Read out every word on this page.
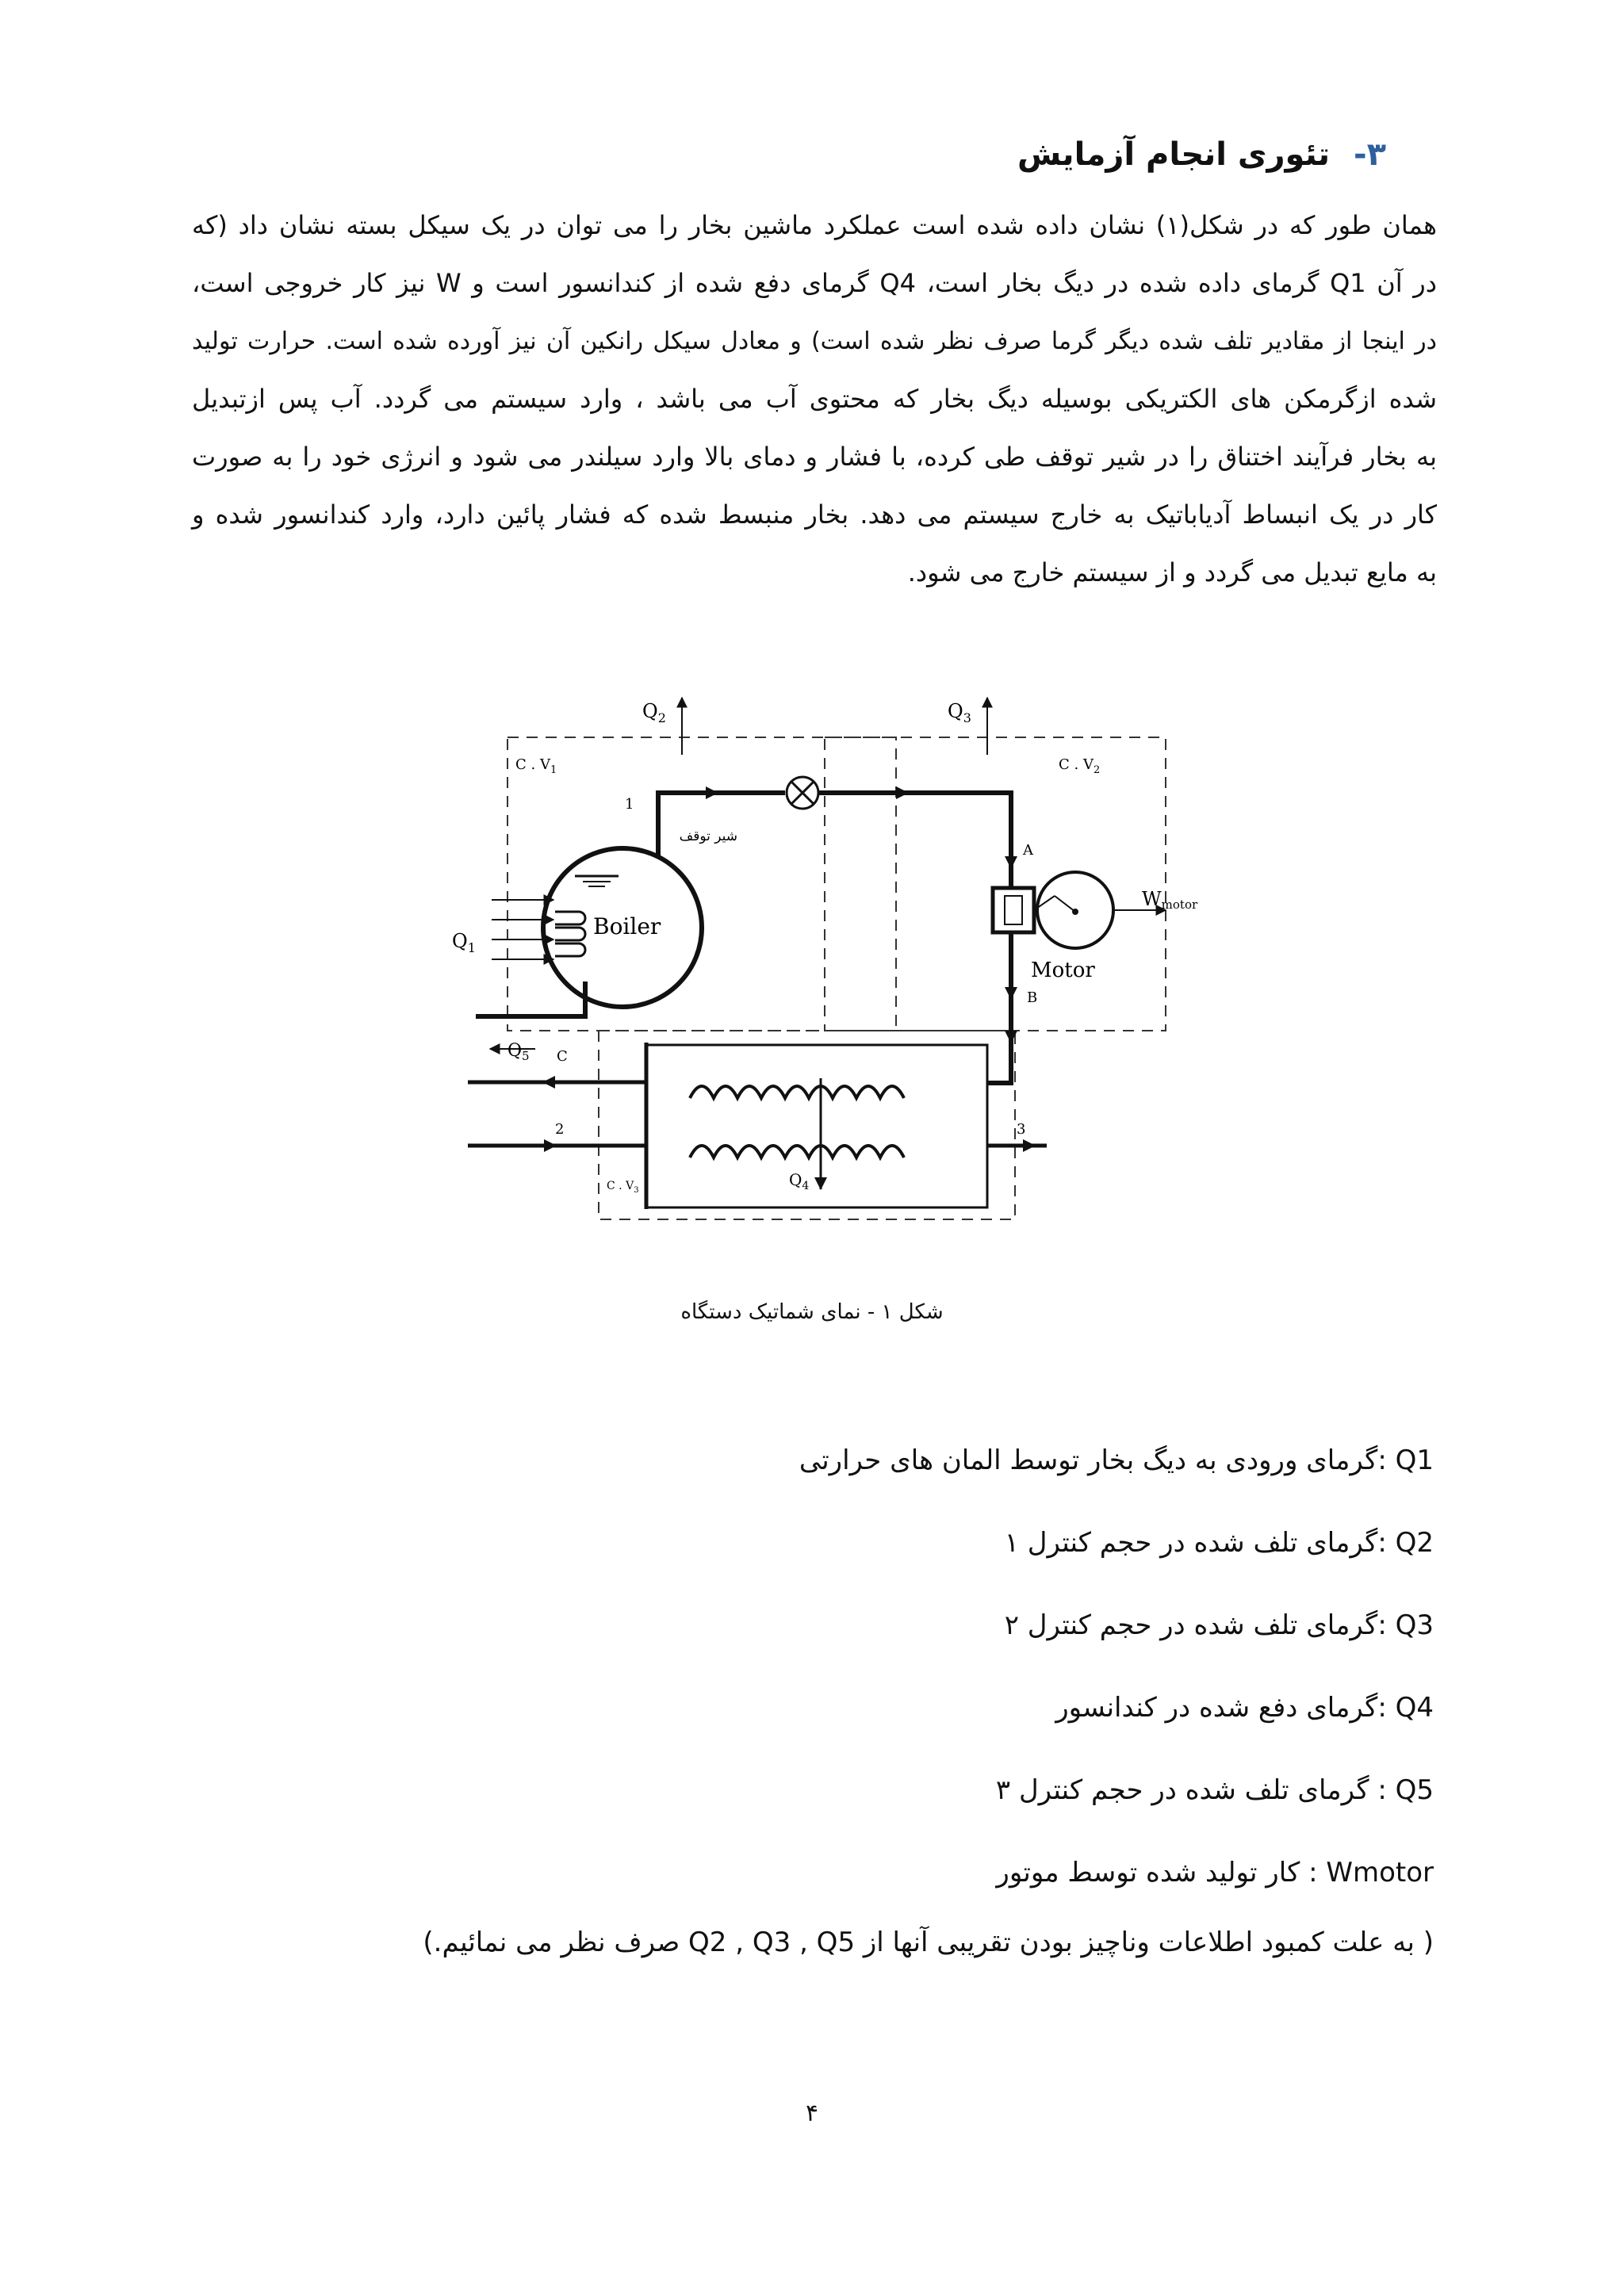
۳-تئوری انجام آزمایش

همان طور که در شکل(۱) نشان داده شده است عملکرد ماشین بخار را می توان در یک سیکل بسته نشان داد (که

در آن Q1 گرمای داده شده در دیگ بخار است، Q4 گرمای دفع شده از کندانسور است و W نیز کار خروجی است،

در اینجا از مقادیر تلف شده دیگر گرما صرف نظر شده است) و معادل سیکل رانکین آن نیز آورده شده است. حرارت تولید

شده ازگرمکن های الکتریکی بوسیله دیگ بخار که محتوی آب می باشد ، وارد سیستم می گردد. آب پس ازتبدیل

به بخار فرآیند اختناق را در شیر توقف طی کرده، با فشار و دمای بالا وارد سیلندر می شود و انرژی خود را به صورت

کار در یک انبساط آدیاباتیک به خارج سیستم می دهد. بخار منبسط شده که فشار پائین دارد، وارد کندانسور شده و

به مایع تبدیل می گردد و از سیستم خارج می شود.

C . $V_1$	C . $V_2$
C . $V_3$
Boiler
Motor
شیر توقف
$Q_1$
$Q_2$	$Q_3$
$Q_4$
$Q_5$
Wmotor
1
2	3
A
B
C
شکل ۱ - نمای شماتیک دستگاه
Q1 :گرمای ورودی به دیگ بخار توسط المان های حرارتی
Q2 :گرمای تلف شده در حجم کنترل ۱
Q3 :گرمای تلف شده در حجم کنترل ۲
Q4 :گرمای دفع شده در کندانسور
Q5 : گرمای تلف شده در حجم کنترل ۳
Wmotor : کار تولید شده توسط موتور
( به علت کمبود اطلاعات وناچیز بودن تقریبی آنها از Q2 , Q3 , Q5 صرف نظر می نمائیم.)
۴
